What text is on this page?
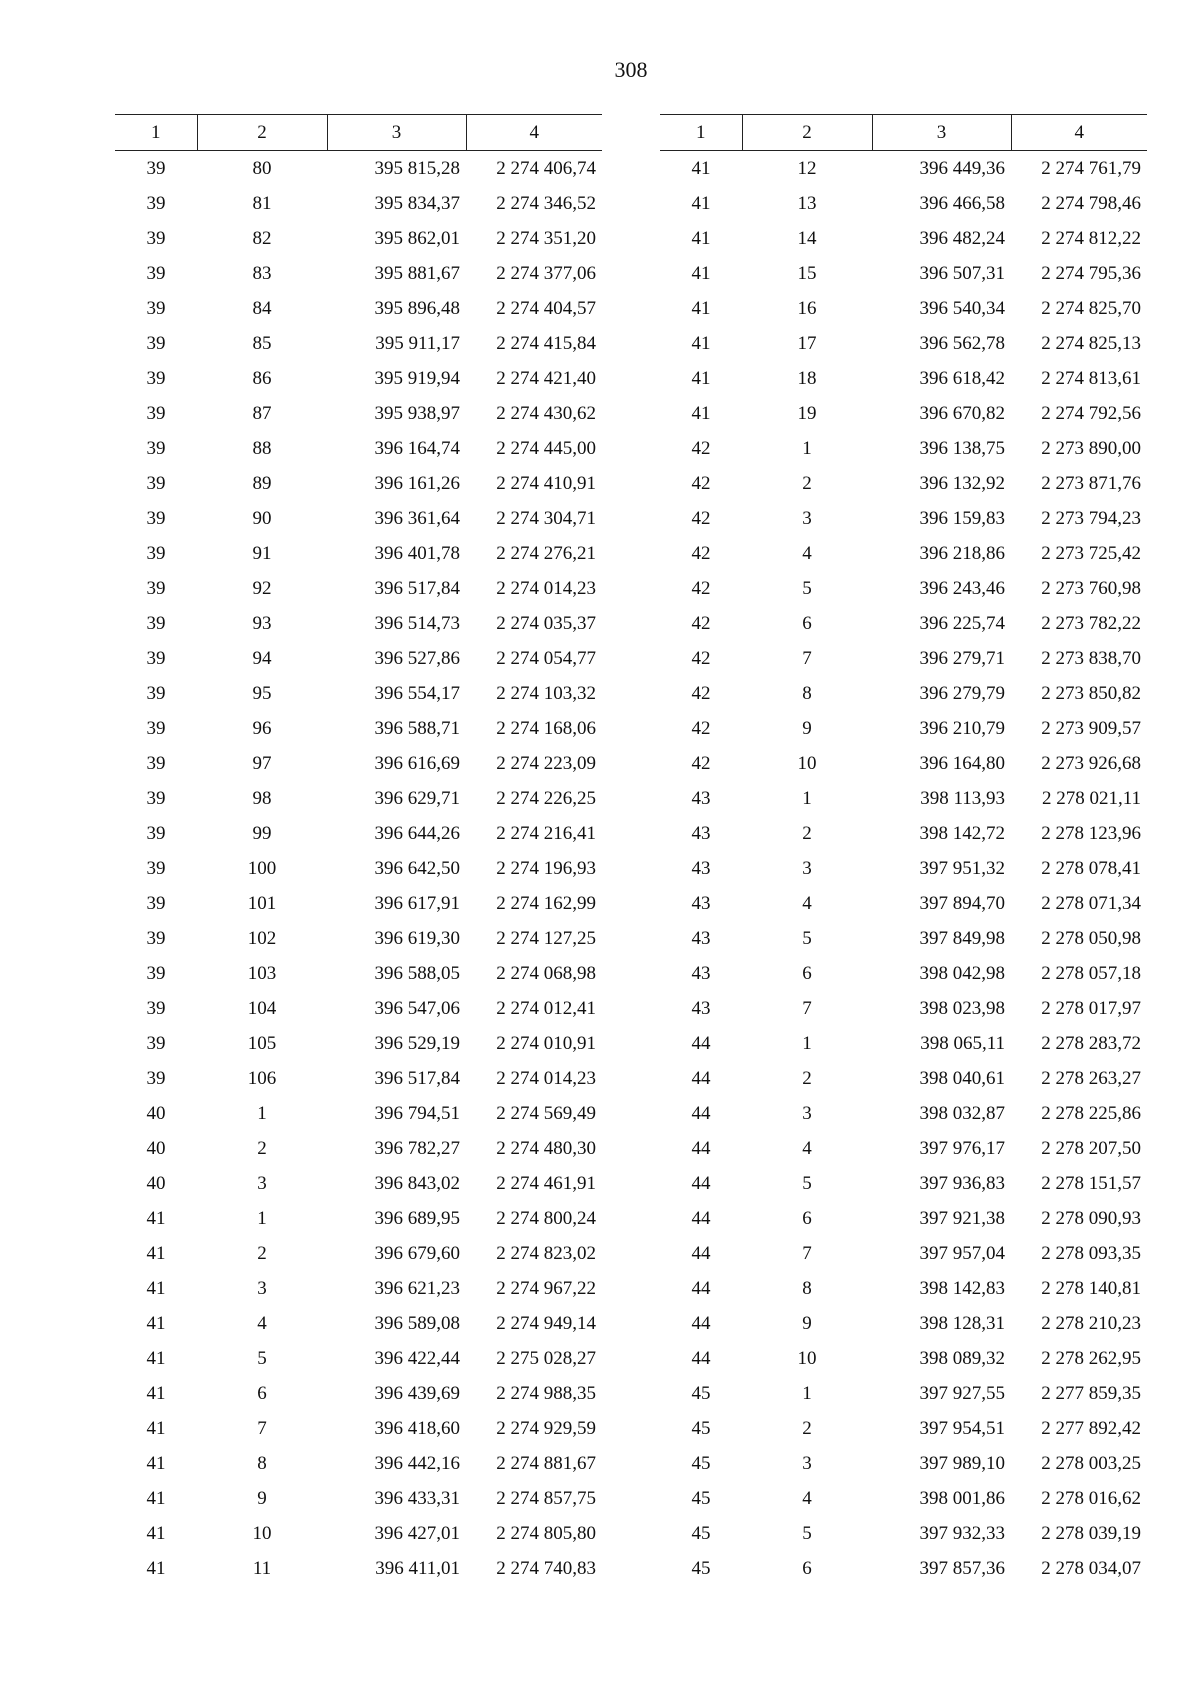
308
1	2	3	4
39	80	395 815,28	2 274 406,74
39	81	395 834,37	2 274 346,52
39	82	395 862,01	2 274 351,20
39	83	395 881,67	2 274 377,06
39	84	395 896,48	2 274 404,57
39	85	395 911,17	2 274 415,84
39	86	395 919,94	2 274 421,40
39	87	395 938,97	2 274 430,62
39	88	396 164,74	2 274 445,00
39	89	396 161,26	2 274 410,91
39	90	396 361,64	2 274 304,71
39	91	396 401,78	2 274 276,21
39	92	396 517,84	2 274 014,23
39	93	396 514,73	2 274 035,37
39	94	396 527,86	2 274 054,77
39	95	396 554,17	2 274 103,32
39	96	396 588,71	2 274 168,06
39	97	396 616,69	2 274 223,09
39	98	396 629,71	2 274 226,25
39	99	396 644,26	2 274 216,41
39	100	396 642,50	2 274 196,93
39	101	396 617,91	2 274 162,99
39	102	396 619,30	2 274 127,25
39	103	396 588,05	2 274 068,98
39	104	396 547,06	2 274 012,41
39	105	396 529,19	2 274 010,91
39	106	396 517,84	2 274 014,23
40	1	396 794,51	2 274 569,49
40	2	396 782,27	2 274 480,30
40	3	396 843,02	2 274 461,91
41	1	396 689,95	2 274 800,24
41	2	396 679,60	2 274 823,02
41	3	396 621,23	2 274 967,22
41	4	396 589,08	2 274 949,14
41	5	396 422,44	2 275 028,27
41	6	396 439,69	2 274 988,35
41	7	396 418,60	2 274 929,59
41	8	396 442,16	2 274 881,67
41	9	396 433,31	2 274 857,75
41	10	396 427,01	2 274 805,80
41	11	396 411,01	2 274 740,83
1	2	3	4
41	12	396 449,36	2 274 761,79
41	13	396 466,58	2 274 798,46
41	14	396 482,24	2 274 812,22
41	15	396 507,31	2 274 795,36
41	16	396 540,34	2 274 825,70
41	17	396 562,78	2 274 825,13
41	18	396 618,42	2 274 813,61
41	19	396 670,82	2 274 792,56
42	1	396 138,75	2 273 890,00
42	2	396 132,92	2 273 871,76
42	3	396 159,83	2 273 794,23
42	4	396 218,86	2 273 725,42
42	5	396 243,46	2 273 760,98
42	6	396 225,74	2 273 782,22
42	7	396 279,71	2 273 838,70
42	8	396 279,79	2 273 850,82
42	9	396 210,79	2 273 909,57
42	10	396 164,80	2 273 926,68
43	1	398 113,93	2 278 021,11
43	2	398 142,72	2 278 123,96
43	3	397 951,32	2 278 078,41
43	4	397 894,70	2 278 071,34
43	5	397 849,98	2 278 050,98
43	6	398 042,98	2 278 057,18
43	7	398 023,98	2 278 017,97
44	1	398 065,11	2 278 283,72
44	2	398 040,61	2 278 263,27
44	3	398 032,87	2 278 225,86
44	4	397 976,17	2 278 207,50
44	5	397 936,83	2 278 151,57
44	6	397 921,38	2 278 090,93
44	7	397 957,04	2 278 093,35
44	8	398 142,83	2 278 140,81
44	9	398 128,31	2 278 210,23
44	10	398 089,32	2 278 262,95
45	1	397 927,55	2 277 859,35
45	2	397 954,51	2 277 892,42
45	3	397 989,10	2 278 003,25
45	4	398 001,86	2 278 016,62
45	5	397 932,33	2 278 039,19
45	6	397 857,36	2 278 034,07
